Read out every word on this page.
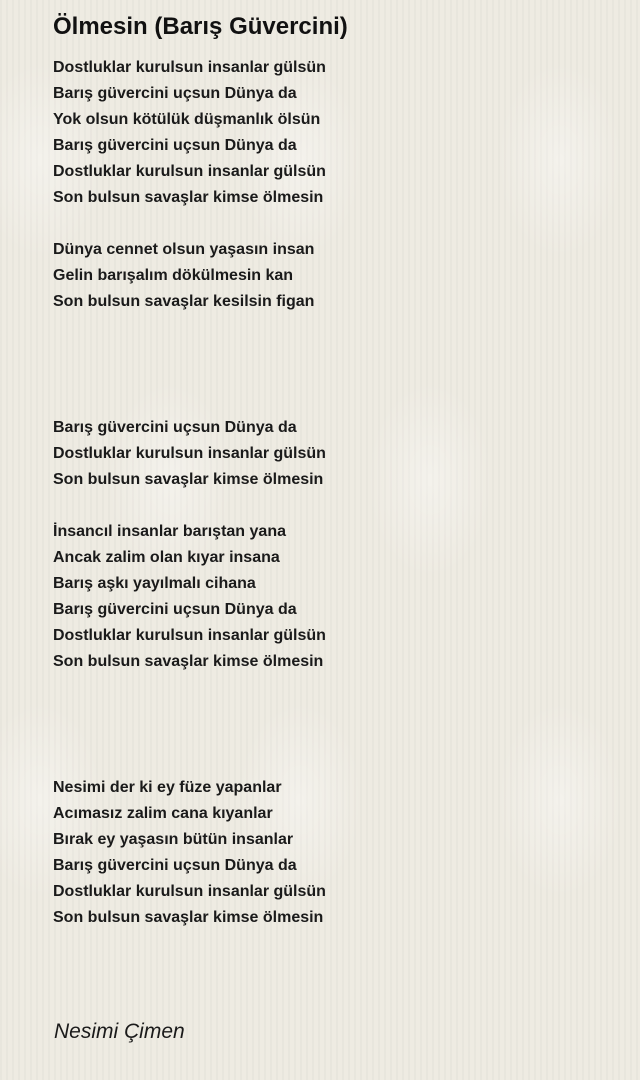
Ölmesin (Barış Güvercini)
Dostluklar kurulsun insanlar gülsün
Barış güvercini uçsun Dünya da
Yok olsun kötülük düşmanlık ölsün
Barış güvercini uçsun Dünya da
Dostluklar kurulsun insanlar gülsün
Son bulsun savaşlar kimse ölmesin
Dünya cennet olsun yaşasın insan
Gelin barışalım dökülmesin kan
Son bulsun savaşlar kesilsin figan
Barış güvercini uçsun Dünya da
Dostluklar kurulsun insanlar gülsün
Son bulsun savaşlar kimse ölmesin
İnsancıl insanlar barıştan yana
Ancak zalim olan kıyar insana
Barış aşkı yayılmalı cihana
Barış güvercini uçsun Dünya da
Dostluklar kurulsun insanlar gülsün
Son bulsun savaşlar kimse ölmesin
Nesimi der ki ey füze yapanlar
Acımasız zalim cana kıyanlar
Bırak ey yaşasın bütün insanlar
Barış güvercini uçsun Dünya da
Dostluklar kurulsun insanlar gülsün
Son bulsun savaşlar kimse ölmesin
Nesimi Çimen
